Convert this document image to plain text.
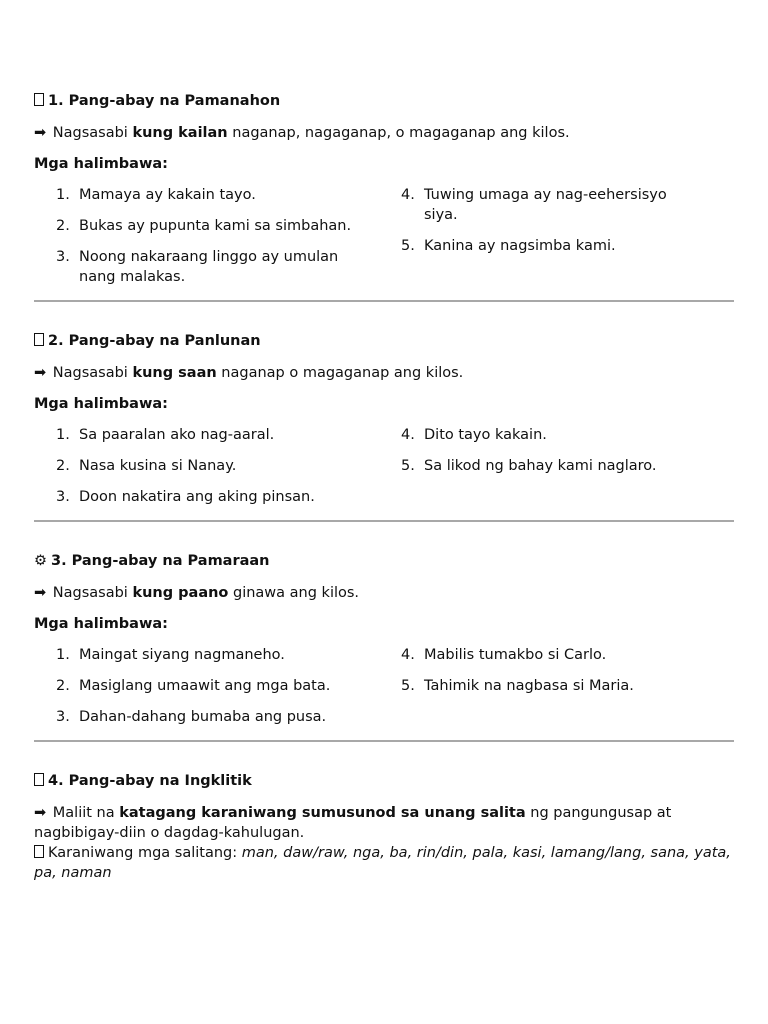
1. Pang-abay na Pamanahon

➡ Nagsasabi kung kailan naganap, nagaganap, o magaganap ang kilos.

Mga halimbawa:

1. Mamaya ay kakain tayo.
2. Bukas ay pupunta kami sa simbahan.
3. Noong nakaraang linggo ay umulan nang malakas.
4. Tuwing umaga ay nag-eehersisyo siya.
5. Kanina ay nagsimba kami.

2. Pang-abay na Panlunan

➡ Nagsasabi kung saan naganap o magaganap ang kilos.

Mga halimbawa:

1. Sa paaralan ako nag-aaral.
2. Nasa kusina si Nanay.
3. Doon nakatira ang aking pinsan.
4. Dito tayo kakain.
5. Sa likod ng bahay kami naglaro.

⚙ 3. Pang-abay na Pamaraan

➡ Nagsasabi kung paano ginawa ang kilos.

Mga halimbawa:

1. Maingat siyang nagmaneho.
2. Masiglang umaawit ang mga bata.
3. Dahan-dahang bumaba ang pusa.
4. Mabilis tumakbo si Carlo.
5. Tahimik na nagbasa si Maria.

4. Pang-abay na Ingklitik

➡ Maliit na katagang karaniwang sumusunod sa unang salita ng pangungusap at nagbibigay-diin o dagdag-kahulugan.

Karaniwang mga salitang: man, daw/raw, nga, ba, rin/din, pala, kasi, lamang/lang, sana, yata, pa, naman
